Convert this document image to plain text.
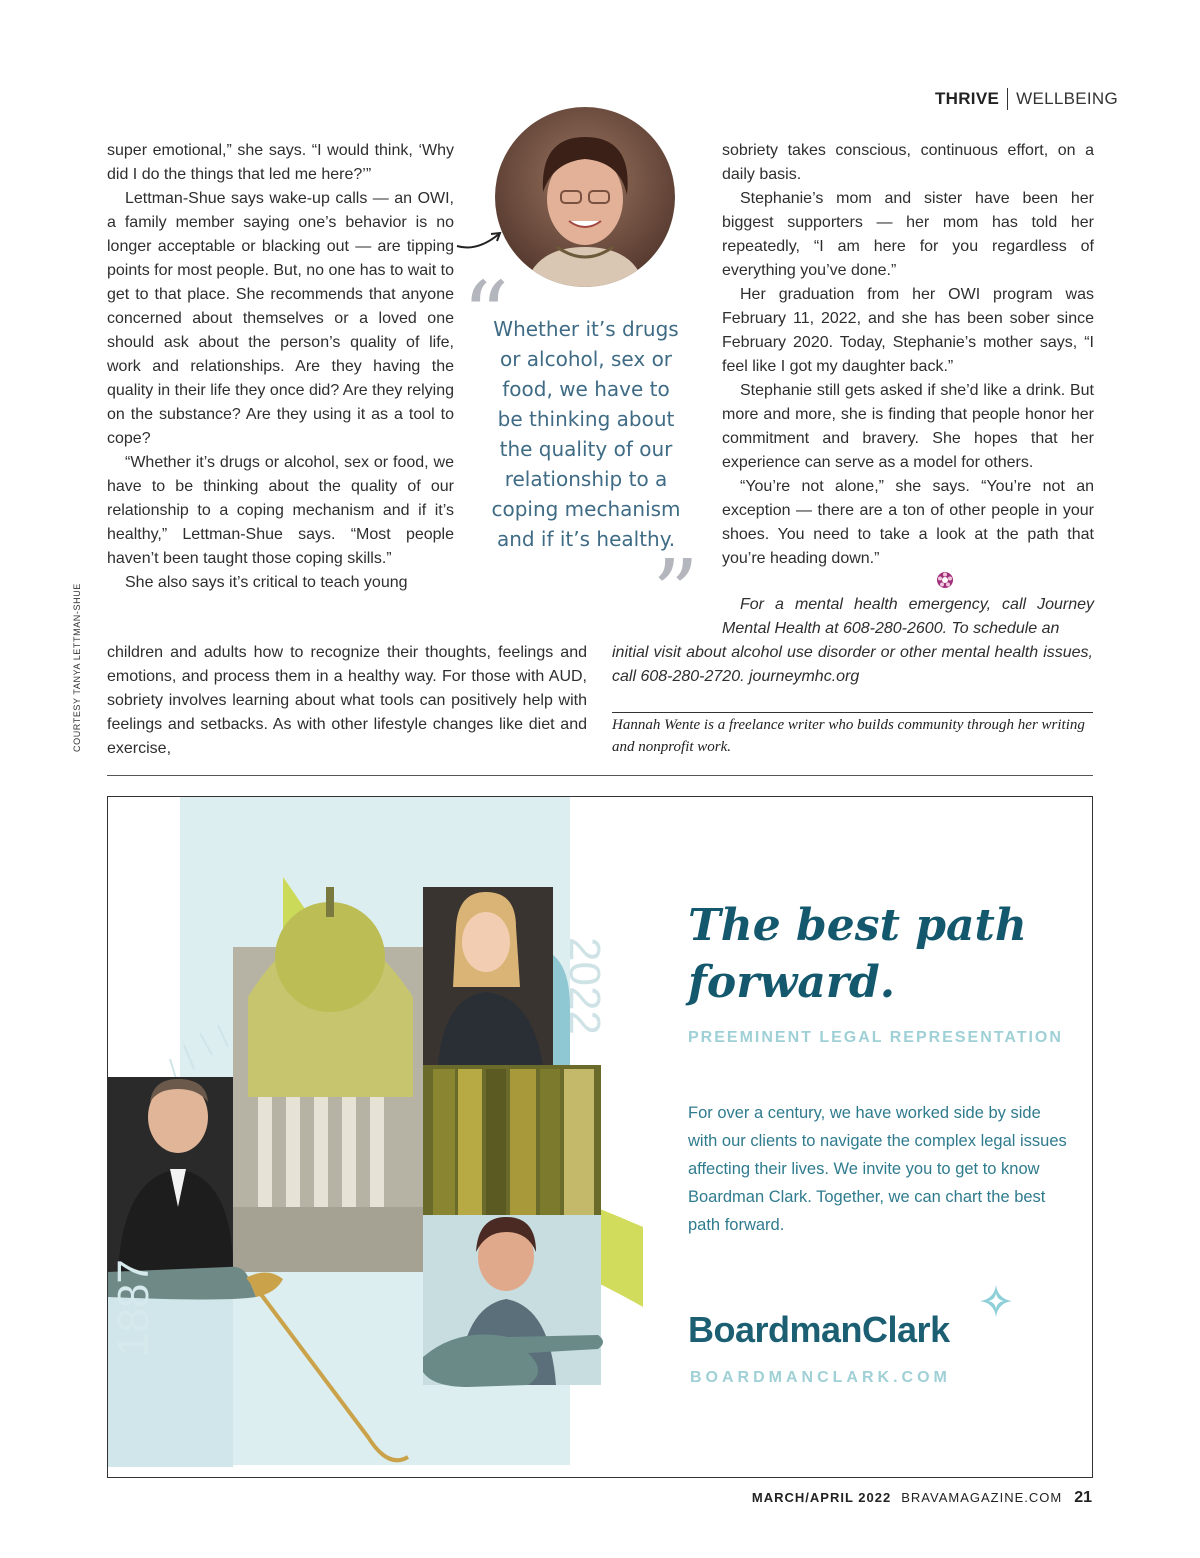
THRIVE WELLBEING
COURTESY TANYA LETTMAN-SHUE

super emotional,” she says. “I would think, ‘Why did I do the things that led me here?’”

Lettman-Shue says wake-up calls — an OWI, a family member saying one’s behavior is no longer acceptable or blacking out — are tipping points for most people. But, no one has to wait to get to that place. She recommends that anyone concerned about themselves or a loved one should ask about the person’s quality of life, work and relationships. Are they having the quality in their life they once did? Are they relying on the substance? Are they using it as a tool to cope?

“Whether it’s drugs or alcohol, sex or food, we have to be thinking about the quality of our relationship to a coping mechanism and if it’s healthy,” Lettman-Shue says. “Most people haven’t been taught those coping skills.”

She also says it’s critical to teach young

children and adults how to recognize their thoughts, feelings and emotions, and process them in a healthy way. For those with AUD, sobriety involves learning about what tools can positively help with feelings and setbacks. As with other lifestyle changes like diet and exercise,

“
Whether it’s drugs or alcohol, sex or food, we have to be thinking about the quality of our relationship to a coping mechanism and if it’s healthy.
”

sobriety takes conscious, continuous effort, on a daily basis.

Stephanie’s mom and sister have been her biggest supporters — her mom has told her repeatedly, “I am here for you regardless of everything you’ve done.”

Her graduation from her OWI program was February 11, 2022, and she has been sober since February 2020. Today, Stephanie’s mother says, “I feel like I got my daughter back.”

Stephanie still gets asked if she’d like a drink. But more and more, she is finding that people honor her commitment and bravery. She hopes that her experience can serve as a model for others.

“You’re not alone,” she says. “You’re not an exception — there are a ton of other people in your shoes. You need to take a look at the path that you’re heading down.”

For a mental health emergency, call Journey Mental Health at 608-280-2600. To schedule an

initial visit about alcohol use disorder or other mental health issues, call 608-280-2720. journeymhc.org

Hannah Wente is a freelance writer who builds community through her writing and nonprofit work.
1887
2022
The best path
forward.
PREEMINENT LEGAL REPRESENTATION
For over a century, we have worked side by side with our clients to navigate the complex legal issues affecting their lives. We invite you to get to know Boardman Clark. Together, we can chart the best path forward.
BoardmanClark
BOARDMANCLARK.COM
MARCH/APRIL 2022 BRAVAMAGAZINE.COM 21
